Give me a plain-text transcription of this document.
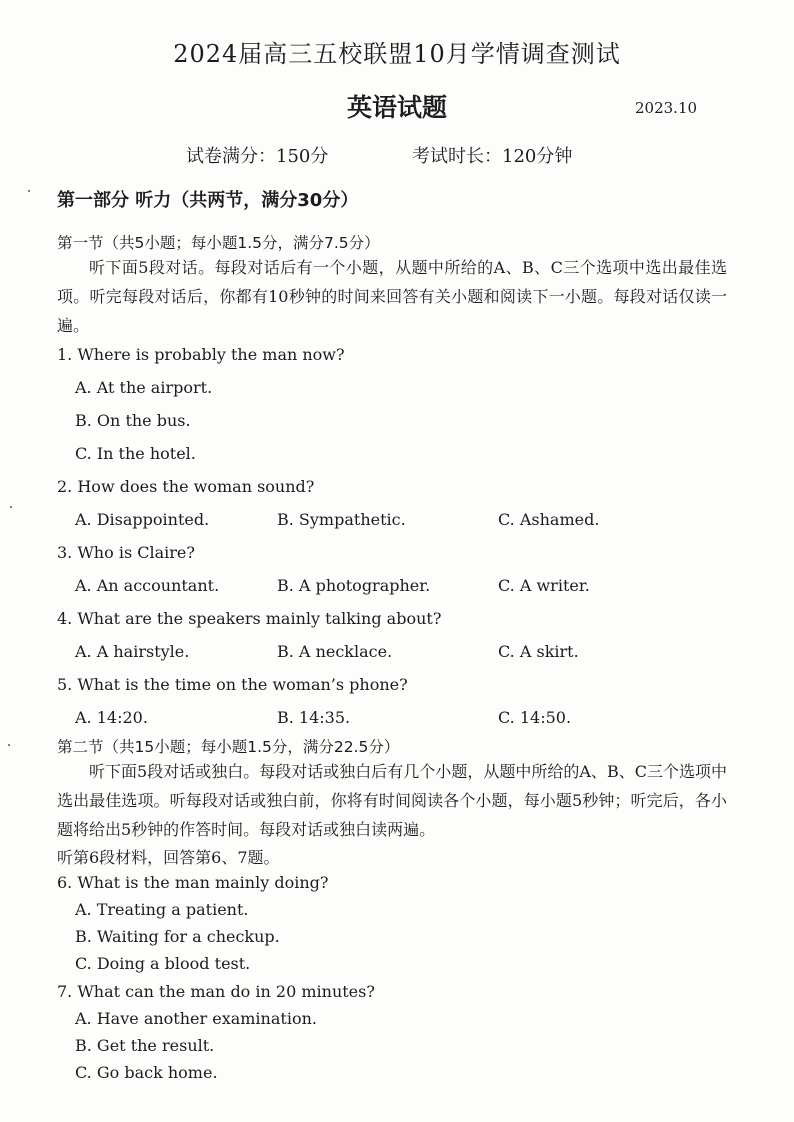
2024届高三五校联盟10月学情调查测试
英语试题	2023.10
试卷满分：150分	考试时长：120分钟
第一部分 听力（共两节，满分30分）
第一节（共5小题；每小题1.5分，满分7.5分）
听下面5段对话。每段对话后有一个小题，从题中所给的A、B、C三个选项中选出最佳选项。听完每段对话后，你都有10秒钟的时间来回答有关小题和阅读下一小题。每段对话仅读一遍。
1. Where is probably the man now?
A. At the airport.
B. On the bus.
C. In the hotel.
2. How does the woman sound?
A. Disappointed.	B. Sympathetic.	C. Ashamed.
3. Who is Claire?
A. An accountant.	B. A photographer.	C. A writer.
4. What are the speakers mainly talking about?
A. A hairstyle.	B. A necklace.	C. A skirt.
5. What is the time on the woman’s phone?
A. 14:20.	B. 14:35.	C. 14:50.
第二节（共15小题；每小题1.5分，满分22.5分）
听下面5段对话或独白。每段对话或独白后有几个小题，从题中所给的A、B、C三个选项中选出最佳选项。听每段对话或独白前，你将有时间阅读各个小题，每小题5秒钟；听完后，各小题将给出5秒钟的作答时间。每段对话或独白读两遍。
听第6段材料，回答第6、7题。
6. What is the man mainly doing?
A. Treating a patient.
B. Waiting for a checkup.
C. Doing a blood test.
7. What can the man do in 20 minutes?
A. Have another examination.
B. Get the result.
C. Go back home.
